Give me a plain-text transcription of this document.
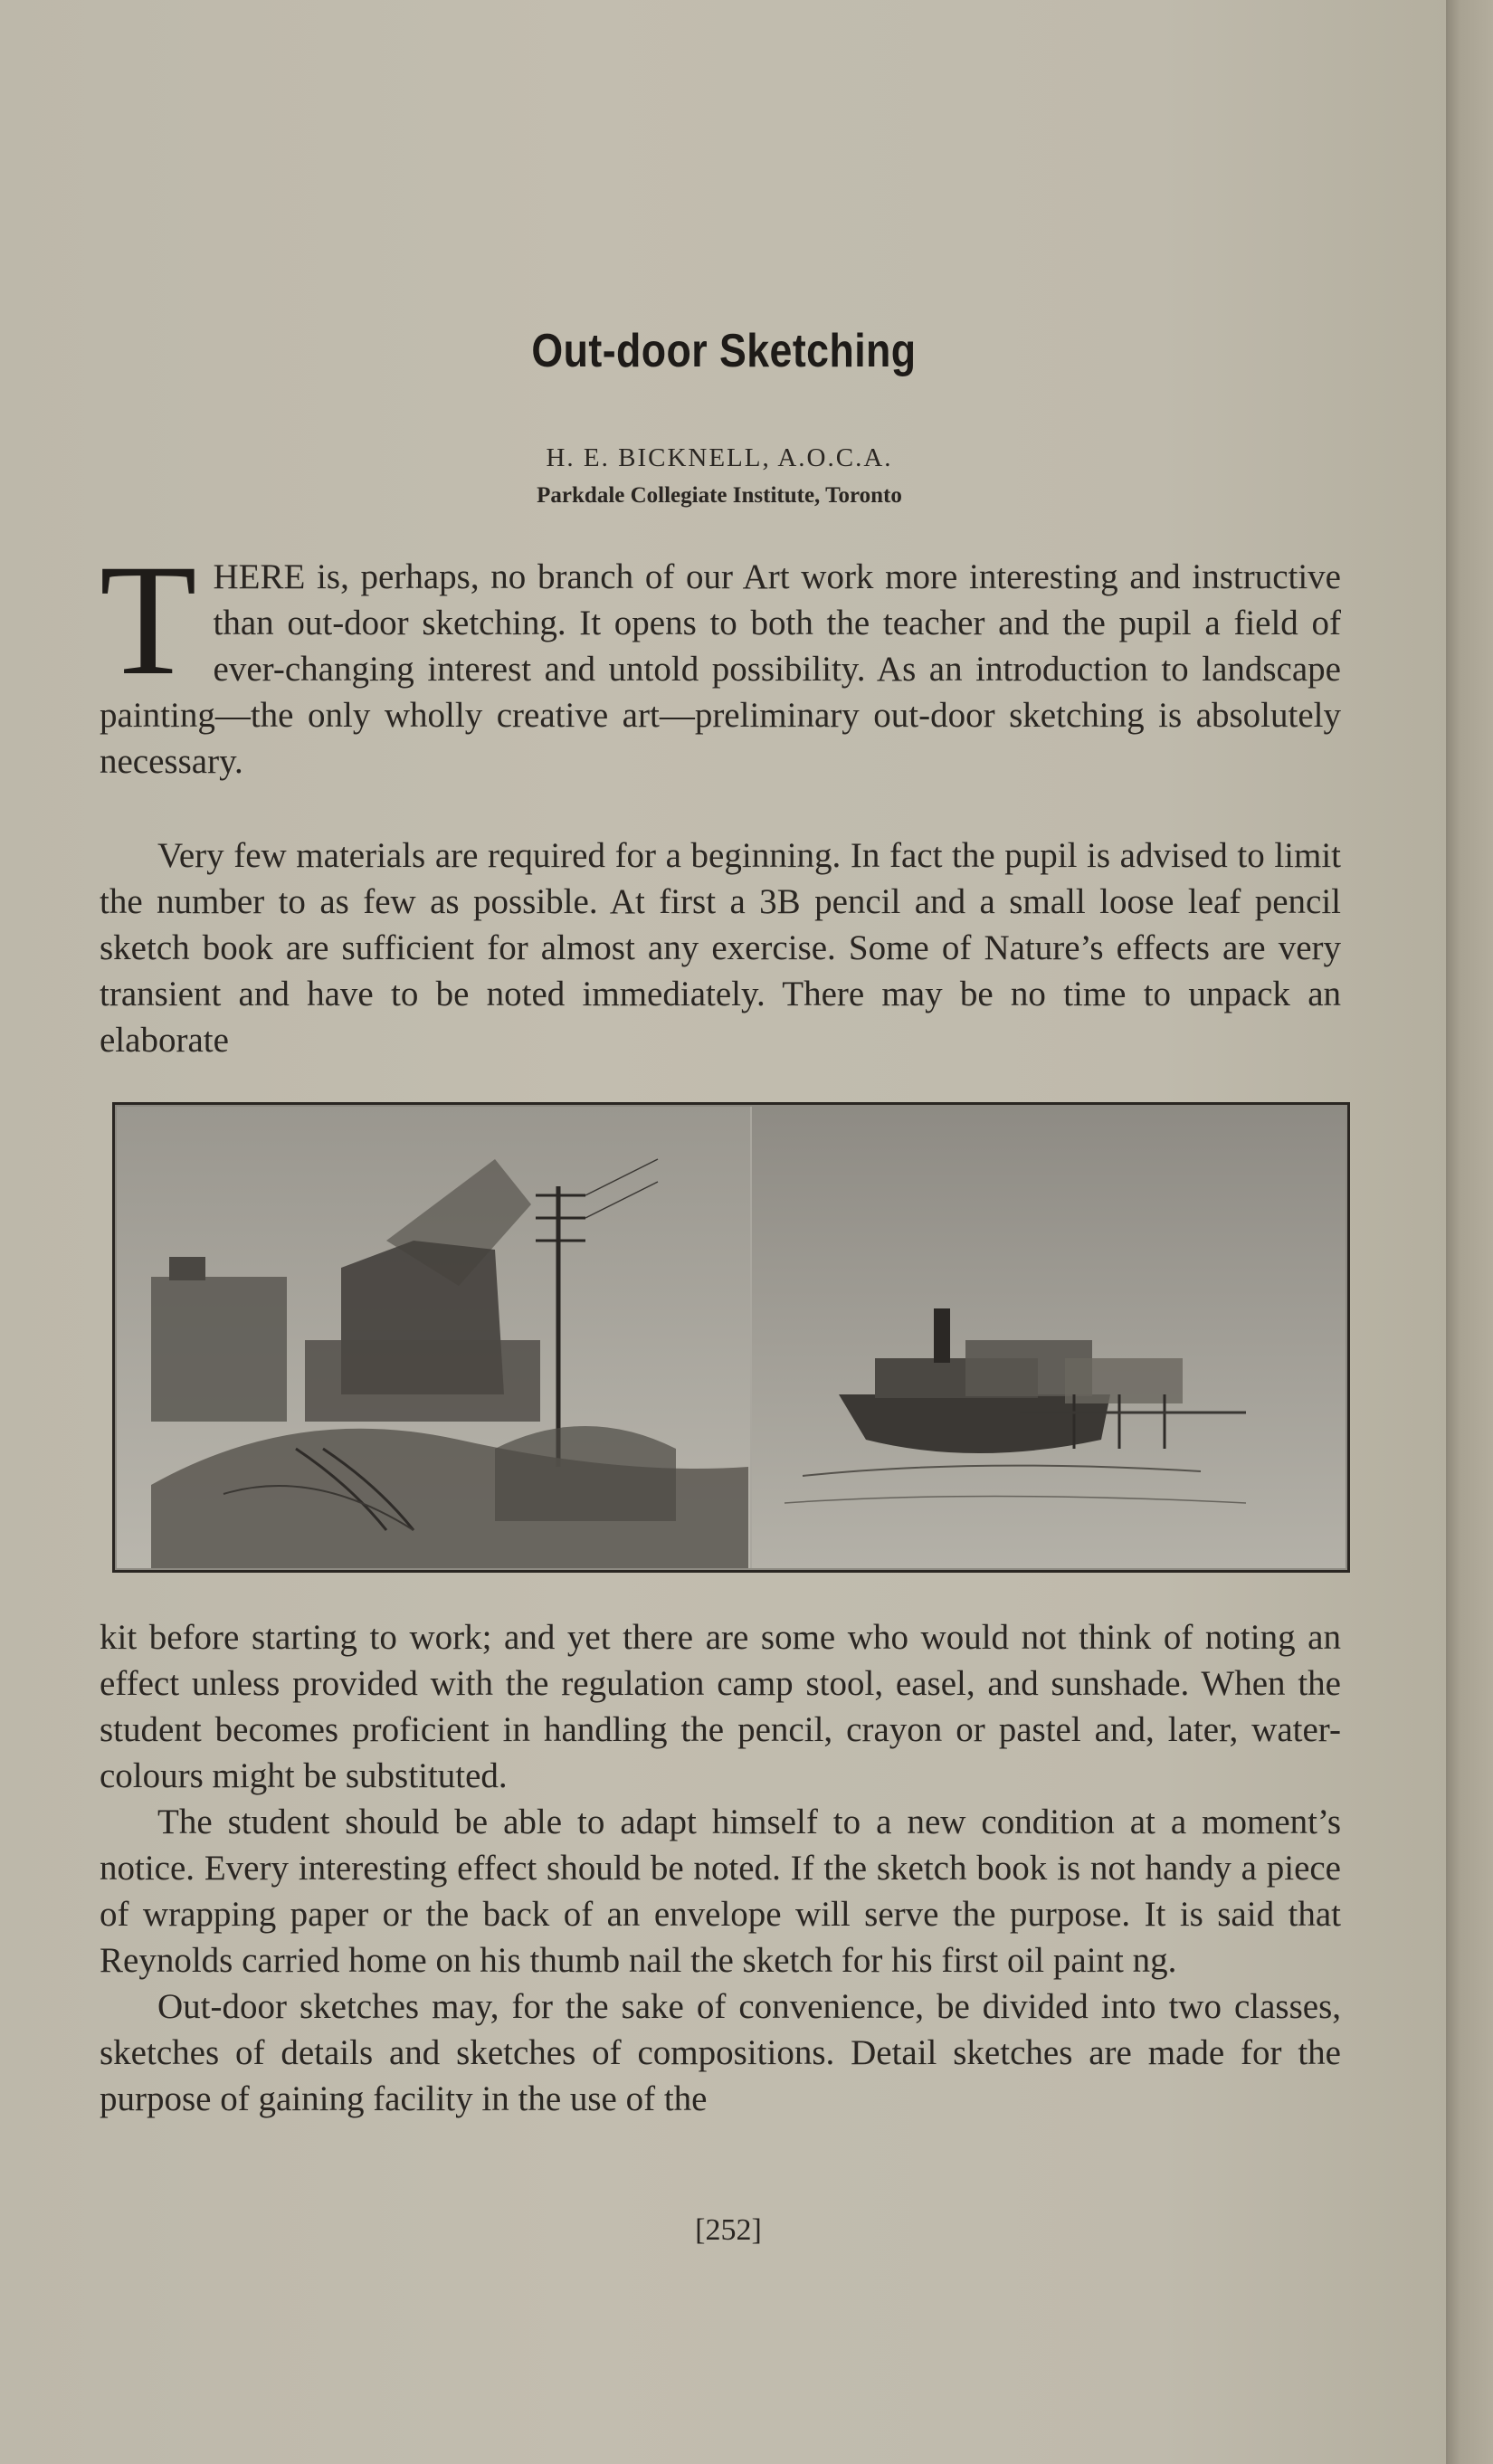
Out-door Sketching
H. E. BICKNELL, A.O.C.A.
Parkdale Collegiate Institute, Toronto
T HERE is, perhaps, no branch of our Art work more interesting and instructive than out-door sketching. It opens to both the teacher and the pupil a field of ever-changing interest and untold possibility. As an introduction to landscape painting—the only wholly creative art—preliminary out-door sketching is absolutely necessary.

Very few materials are required for a beginning. In fact the pupil is advised to limit the number to as few as possible. At first a 3B pencil and a small loose leaf pencil sketch book are sufficient for almost any exercise. Some of Nature’s effects are very transient and have to be noted immediately. There may be no time to unpack an elaborate

kit before starting to work; and yet there are some who would not think of noting an effect unless provided with the regulation camp stool, easel, and sunshade. When the student becomes proficient in handling the pencil, crayon or pastel and, later, water-colours might be substituted.

The student should be able to adapt himself to a new condition at a moment’s notice. Every interesting effect should be noted. If the sketch book is not handy a piece of wrapping paper or the back of an envelope will serve the purpose. It is said that Reynolds carried home on his thumb nail the sketch for his first oil paint ng.

Out-door sketches may, for the sake of convenience, be divided into two classes, sketches of details and sketches of compositions. Detail sketches are made for the purpose of gaining facility in the use of the

[252]
